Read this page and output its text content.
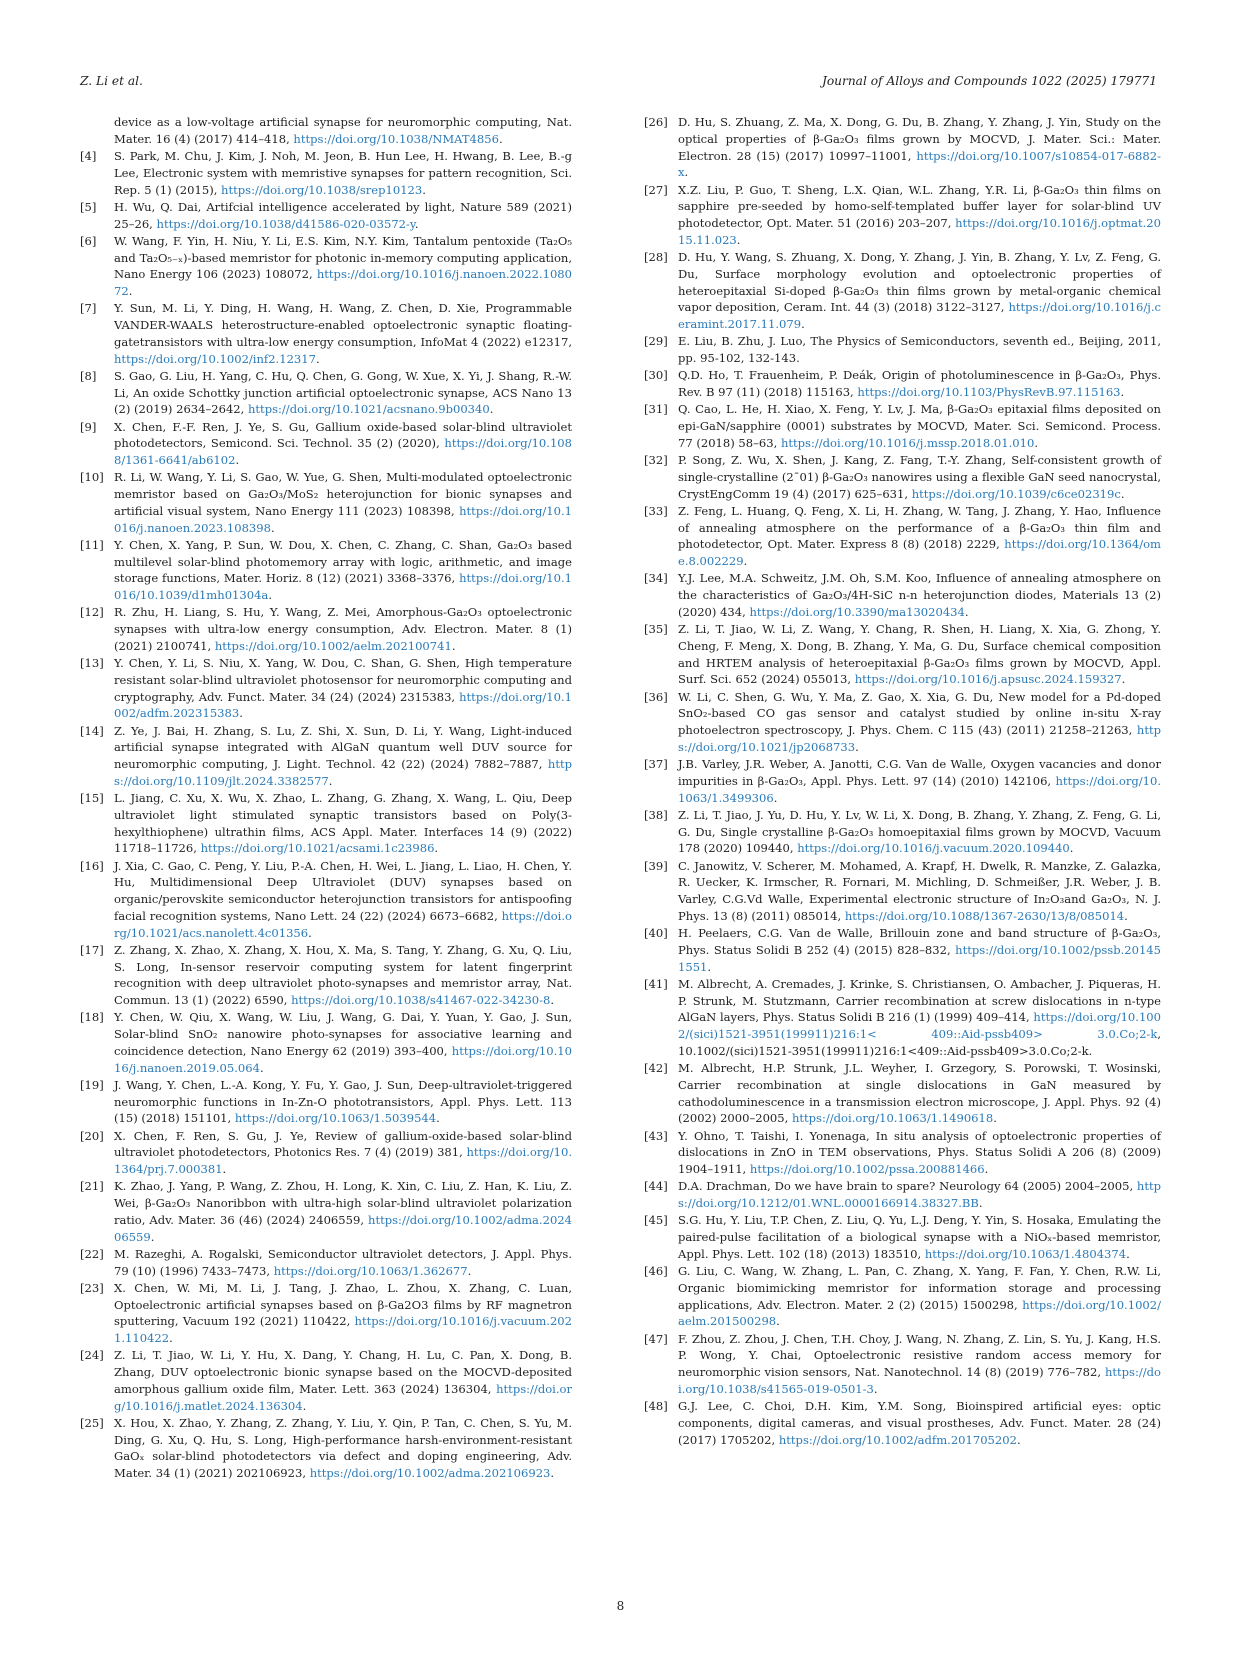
Z. Li et al.	Journal of Alloys and Compounds 1022 (2025) 179771
device as a low-voltage artificial synapse for neuromorphic computing, Nat. Mater. 16 (4) (2017) 414–418, https://doi.org/10.1038/NMAT4856.
[4] S. Park, M. Chu, J. Kim, J. Noh, M. Jeon, B. Hun Lee, H. Hwang, B. Lee, B.-g Lee, Electronic system with memristive synapses for pattern recognition, Sci. Rep. 5 (1) (2015), https://doi.org/10.1038/srep10123.
[5] H. Wu, Q. Dai, Artifcial intelligence accelerated by light, Nature 589 (2021) 25–26, https://doi.org/10.1038/d41586-020-03572-y.
[6] W. Wang, F. Yin, H. Niu, Y. Li, E.S. Kim, N.Y. Kim, Tantalum pentoxide (Ta₂O₅ and Ta₂O₅₋ₓ)-based memristor for photonic in-memory computing application, Nano Energy 106 (2023) 108072, https://doi.org/10.1016/j.nanoen.2022.108072.
[7] Y. Sun, M. Li, Y. Ding, H. Wang, H. Wang, Z. Chen, D. Xie, Programmable VANDER-WAALS heterostructure-enabled optoelectronic synaptic floating-gatetransistors with ultra-low energy consumption, InfoMat 4 (2022) e12317, https://doi.org/10.1002/inf2.12317.
[8] S. Gao, G. Liu, H. Yang, C. Hu, Q. Chen, G. Gong, W. Xue, X. Yi, J. Shang, R.-W. Li, An oxide Schottky junction artificial optoelectronic synapse, ACS Nano 13 (2) (2019) 2634–2642, https://doi.org/10.1021/acsnano.9b00340.
[9] X. Chen, F.-F. Ren, J. Ye, S. Gu, Gallium oxide-based solar-blind ultraviolet photodetectors, Semicond. Sci. Technol. 35 (2) (2020), https://doi.org/10.1088/1361-6641/ab6102.
[10] R. Li, W. Wang, Y. Li, S. Gao, W. Yue, G. Shen, Multi-modulated optoelectronic memristor based on Ga₂O₃/MoS₂ heterojunction for bionic synapses and artificial visual system, Nano Energy 111 (2023) 108398, https://doi.org/10.1016/j.nanoen.2023.108398.
[11] Y. Chen, X. Yang, P. Sun, W. Dou, X. Chen, C. Zhang, C. Shan, Ga₂O₃ based multilevel solar-blind photomemory array with logic, arithmetic, and image storage functions, Mater. Horiz. 8 (12) (2021) 3368–3376, https://doi.org/10.1016/10.1039/d1mh01304a.
[12] R. Zhu, H. Liang, S. Hu, Y. Wang, Z. Mei, Amorphous-Ga₂O₃ optoelectronic synapses with ultra-low energy consumption, Adv. Electron. Mater. 8 (1) (2021) 2100741, https://doi.org/10.1002/aelm.202100741.
[13] Y. Chen, Y. Li, S. Niu, X. Yang, W. Dou, C. Shan, G. Shen, High temperature resistant solar-blind ultraviolet photosensor for neuromorphic computing and cryptography, Adv. Funct. Mater. 34 (24) (2024) 2315383, https://doi.org/10.1002/adfm.202315383.
[14] Z. Ye, J. Bai, H. Zhang, S. Lu, Z. Shi, X. Sun, D. Li, Y. Wang, Light-induced artificial synapse integrated with AlGaN quantum well DUV source for neuromorphic computing, J. Light. Technol. 42 (22) (2024) 7882–7887, https://doi.org/10.1109/jlt.2024.3382577.
[15] L. Jiang, C. Xu, X. Wu, X. Zhao, L. Zhang, G. Zhang, X. Wang, L. Qiu, Deep ultraviolet light stimulated synaptic transistors based on Poly(3-hexylthiophene) ultrathin films, ACS Appl. Mater. Interfaces 14 (9) (2022) 11718–11726, https://doi.org/10.1021/acsami.1c23986.
[16] J. Xia, C. Gao, C. Peng, Y. Liu, P.-A. Chen, H. Wei, L. Jiang, L. Liao, H. Chen, Y. Hu, Multidimensional Deep Ultraviolet (DUV) synapses based on organic/perovskite semiconductor heterojunction transistors for antispoofing facial recognition systems, Nano Lett. 24 (22) (2024) 6673–6682, https://doi.org/10.1021/acs.nanolett.4c01356.
[17] Z. Zhang, X. Zhao, X. Zhang, X. Hou, X. Ma, S. Tang, Y. Zhang, G. Xu, Q. Liu, S. Long, In-sensor reservoir computing system for latent fingerprint recognition with deep ultraviolet photo-synapses and memristor array, Nat. Commun. 13 (1) (2022) 6590, https://doi.org/10.1038/s41467-022-34230-8.
[18] Y. Chen, W. Qiu, X. Wang, W. Liu, J. Wang, G. Dai, Y. Yuan, Y. Gao, J. Sun, Solar-blind SnO₂ nanowire photo-synapses for associative learning and coincidence detection, Nano Energy 62 (2019) 393–400, https://doi.org/10.1016/j.nanoen.2019.05.064.
[19] J. Wang, Y. Chen, L.-A. Kong, Y. Fu, Y. Gao, J. Sun, Deep-ultraviolet-triggered neuromorphic functions in In-Zn-O phototransistors, Appl. Phys. Lett. 113 (15) (2018) 151101, https://doi.org/10.1063/1.5039544.
[20] X. Chen, F. Ren, S. Gu, J. Ye, Review of gallium-oxide-based solar-blind ultraviolet photodetectors, Photonics Res. 7 (4) (2019) 381, https://doi.org/10.1364/prj.7.000381.
[21] K. Zhao, J. Yang, P. Wang, Z. Zhou, H. Long, K. Xin, C. Liu, Z. Han, K. Liu, Z. Wei, β-Ga₂O₃ Nanoribbon with ultra-high solar-blind ultraviolet polarization ratio, Adv. Mater. 36 (46) (2024) 2406559, https://doi.org/10.1002/adma.202406559.
[22] M. Razeghi, A. Rogalski, Semiconductor ultraviolet detectors, J. Appl. Phys. 79 (10) (1996) 7433–7473, https://doi.org/10.1063/1.362677.
[23] X. Chen, W. Mi, M. Li, J. Tang, J. Zhao, L. Zhou, X. Zhang, C. Luan, Optoelectronic artificial synapses based on β-Ga2O3 films by RF magnetron sputtering, Vacuum 192 (2021) 110422, https://doi.org/10.1016/j.vacuum.2021.110422.
[24] Z. Li, T. Jiao, W. Li, Y. Hu, X. Dang, Y. Chang, H. Lu, C. Pan, X. Dong, B. Zhang, DUV optoelectronic bionic synapse based on the MOCVD-deposited amorphous gallium oxide film, Mater. Lett. 363 (2024) 136304, https://doi.org/10.1016/j.matlet.2024.136304.
[25] X. Hou, X. Zhao, Y. Zhang, Z. Zhang, Y. Liu, Y. Qin, P. Tan, C. Chen, S. Yu, M. Ding, G. Xu, Q. Hu, S. Long, High-performance harsh-environment-resistant GaOₓ solar-blind photodetectors via defect and doping engineering, Adv. Mater. 34 (1) (2021) 202106923, https://doi.org/10.1002/adma.202106923.
[26] D. Hu, S. Zhuang, Z. Ma, X. Dong, G. Du, B. Zhang, Y. Zhang, J. Yin, Study on the optical properties of β-Ga₂O₃ films grown by MOCVD, J. Mater. Sci.: Mater. Electron. 28 (15) (2017) 10997–11001, https://doi.org/10.1007/s10854-017-6882-x.
[27] X.Z. Liu, P. Guo, T. Sheng, L.X. Qian, W.L. Zhang, Y.R. Li, β-Ga₂O₃ thin films on sapphire pre-seeded by homo-self-templated buffer layer for solar-blind UV photodetector, Opt. Mater. 51 (2016) 203–207, https://doi.org/10.1016/j.optmat.2015.11.023.
[28] D. Hu, Y. Wang, S. Zhuang, X. Dong, Y. Zhang, J. Yin, B. Zhang, Y. Lv, Z. Feng, G. Du, Surface morphology evolution and optoelectronic properties of heteroepitaxial Si-doped β-Ga₂O₃ thin films grown by metal-organic chemical vapor deposition, Ceram. Int. 44 (3) (2018) 3122–3127, https://doi.org/10.1016/j.ceramint.2017.11.079.
[29] E. Liu, B. Zhu, J. Luo, The Physics of Semiconductors, seventh ed., Beijing, 2011, pp. 95-102, 132-143.
[30] Q.D. Ho, T. Frauenheim, P. Deák, Origin of photoluminescence in β-Ga₂O₃, Phys. Rev. B 97 (11) (2018) 115163, https://doi.org/10.1103/PhysRevB.97.115163.
[31] Q. Cao, L. He, H. Xiao, X. Feng, Y. Lv, J. Ma, β-Ga₂O₃ epitaxial films deposited on epi-GaN/sapphire (0001) substrates by MOCVD, Mater. Sci. Semicond. Process. 77 (2018) 58–63, https://doi.org/10.1016/j.mssp.2018.01.010.
[32] P. Song, Z. Wu, X. Shen, J. Kang, Z. Fang, T.-Y. Zhang, Self-consistent growth of single-crystalline (2¯01) β-Ga₂O₃ nanowires using a flexible GaN seed nanocrystal, CrystEngComm 19 (4) (2017) 625–631, https://doi.org/10.1039/c6ce02319c.
[33] Z. Feng, L. Huang, Q. Feng, X. Li, H. Zhang, W. Tang, J. Zhang, Y. Hao, Influence of annealing atmosphere on the performance of a β-Ga₂O₃ thin film and photodetector, Opt. Mater. Express 8 (8) (2018) 2229, https://doi.org/10.1364/ome.8.002229.
[34] Y.J. Lee, M.A. Schweitz, J.M. Oh, S.M. Koo, Influence of annealing atmosphere on the characteristics of Ga₂O₃/4H-SiC n-n heterojunction diodes, Materials 13 (2) (2020) 434, https://doi.org/10.3390/ma13020434.
[35] Z. Li, T. Jiao, W. Li, Z. Wang, Y. Chang, R. Shen, H. Liang, X. Xia, G. Zhong, Y. Cheng, F. Meng, X. Dong, B. Zhang, Y. Ma, G. Du, Surface chemical composition and HRTEM analysis of heteroepitaxial β-Ga₂O₃ films grown by MOCVD, Appl. Surf. Sci. 652 (2024) 055013, https://doi.org/10.1016/j.apsusc.2024.159327.
[36] W. Li, C. Shen, G. Wu, Y. Ma, Z. Gao, X. Xia, G. Du, New model for a Pd-doped SnO₂-based CO gas sensor and catalyst studied by online in-situ X-ray photoelectron spectroscopy, J. Phys. Chem. C 115 (43) (2011) 21258–21263, https://doi.org/10.1021/jp2068733.
[37] J.B. Varley, J.R. Weber, A. Janotti, C.G. Van de Walle, Oxygen vacancies and donor impurities in β-Ga₂O₃, Appl. Phys. Lett. 97 (14) (2010) 142106, https://doi.org/10.1063/1.3499306.
[38] Z. Li, T. Jiao, J. Yu, D. Hu, Y. Lv, W. Li, X. Dong, B. Zhang, Y. Zhang, Z. Feng, G. Li, G. Du, Single crystalline β-Ga₂O₃ homoepitaxial films grown by MOCVD, Vacuum 178 (2020) 109440, https://doi.org/10.1016/j.vacuum.2020.109440.
[39] C. Janowitz, V. Scherer, M. Mohamed, A. Krapf, H. Dwelk, R. Manzke, Z. Galazka, R. Uecker, K. Irmscher, R. Fornari, M. Michling, D. Schmeißer, J.R. Weber, J. B. Varley, C.G.Vd Walle, Experimental electronic structure of In₂O₃and Ga₂O₃, N. J. Phys. 13 (8) (2011) 085014, https://doi.org/10.1088/1367-2630/13/8/085014.
[40] H. Peelaers, C.G. Van de Walle, Brillouin zone and band structure of β-Ga₂O₃, Phys. Status Solidi B 252 (4) (2015) 828–832, https://doi.org/10.1002/pssb.201451551.
[41] M. Albrecht, A. Cremades, J. Krinke, S. Christiansen, O. Ambacher, J. Piqueras, H. P. Strunk, M. Stutzmann, Carrier recombination at screw dislocations in n-type AlGaN layers, Phys. Status Solidi B 216 (1) (1999) 409–414, https://doi.org/10.1002/(sici)1521-3951(199911)216:1< 409::Aid-pssb409> 3.0.Co;2-k, 10.1002/(sici)1521-3951(199911)216:1<409::Aid-pssb409>3.0.Co;2-k.
[42] M. Albrecht, H.P. Strunk, J.L. Weyher, I. Grzegory, S. Porowski, T. Wosinski, Carrier recombination at single dislocations in GaN measured by cathodoluminescence in a transmission electron microscope, J. Appl. Phys. 92 (4) (2002) 2000–2005, https://doi.org/10.1063/1.1490618.
[43] Y. Ohno, T. Taishi, I. Yonenaga, In situ analysis of optoelectronic properties of dislocations in ZnO in TEM observations, Phys. Status Solidi A 206 (8) (2009) 1904–1911, https://doi.org/10.1002/pssa.200881466.
[44] D.A. Drachman, Do we have brain to spare? Neurology 64 (2005) 2004–2005, https://doi.org/10.1212/01.WNL.0000166914.38327.BB.
[45] S.G. Hu, Y. Liu, T.P. Chen, Z. Liu, Q. Yu, L.J. Deng, Y. Yin, S. Hosaka, Emulating the paired-pulse facilitation of a biological synapse with a NiOₓ-based memristor, Appl. Phys. Lett. 102 (18) (2013) 183510, https://doi.org/10.1063/1.4804374.
[46] G. Liu, C. Wang, W. Zhang, L. Pan, C. Zhang, X. Yang, F. Fan, Y. Chen, R.W. Li, Organic biomimicking memristor for information storage and processing applications, Adv. Electron. Mater. 2 (2) (2015) 1500298, https://doi.org/10.1002/aelm.201500298.
[47] F. Zhou, Z. Zhou, J. Chen, T.H. Choy, J. Wang, N. Zhang, Z. Lin, S. Yu, J. Kang, H.S. P. Wong, Y. Chai, Optoelectronic resistive random access memory for neuromorphic vision sensors, Nat. Nanotechnol. 14 (8) (2019) 776–782, https://doi.org/10.1038/s41565-019-0501-3.
[48] G.J. Lee, C. Choi, D.H. Kim, Y.M. Song, Bioinspired artificial eyes: optic components, digital cameras, and visual prostheses, Adv. Funct. Mater. 28 (24) (2017) 1705202, https://doi.org/10.1002/adfm.201705202.
8
